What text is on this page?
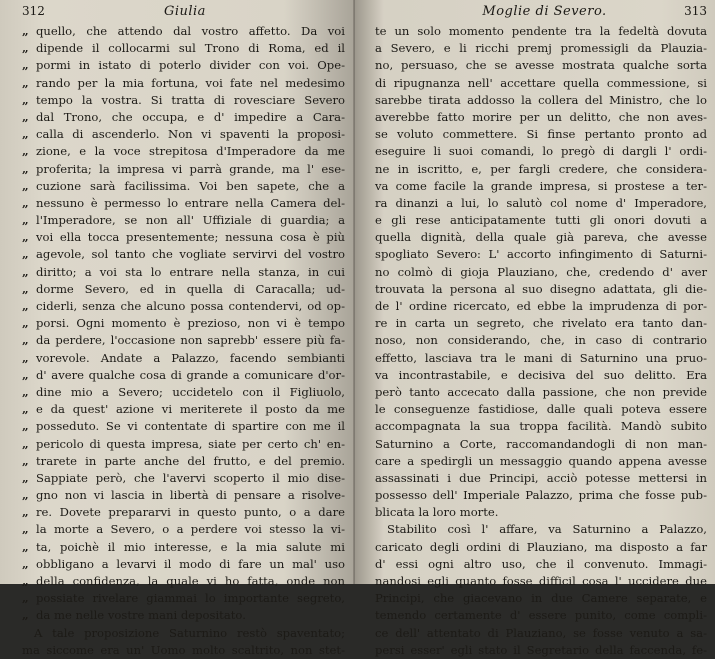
312	Giulia
„ quello, che attendo dal vostro affetto. Da voi
„ dipende il collocarmi sul Trono di Roma, ed il
„ pormi in istato di poterlo divider con voi. Ope-
„ rando per la mia fortuna, voi fate nel medesimo
„ tempo la vostra. Si tratta di rovesciare Severo
„ dal Trono, che occupa, e d' impedire a Cara-
„ calla di ascenderlo. Non vi spaventi la proposi-
„ zione, e la voce strepitosa d'Imperadore da me
„ proferita; la impresa vi parrà grande, ma l' ese-
„ cuzione sarà facilissima. Voi ben sapete, che a
„ nessuno è permesso lo entrare nella Camera del-
„ l'Imperadore, se non all' Uffiziale di guardia; a
„ voi ella tocca presentemente; nessuna cosa è più
„ agevole, sol tanto che vogliate servirvi del vostro
„ diritto; a voi sta lo entrare nella stanza, in cui
„ dorme Severo, ed in quella di Caracalla; ud-
„ ciderli, senza che alcuno possa contendervi, od op-
„ porsi. Ogni momento è prezioso, non vi è tempo
„ da perdere, l'occasione non saprebb' essere più fa-
„ vorevole. Andate a Palazzo, facendo sembianti
„ d' avere qualche cosa di grande a comunicare d'or-
„ dine mio a Severo; uccidetelo con il Figliuolo,
„ e da quest' azione vi meriterete il posto da me
„ posseduto. Se vi contentate di spartire con me il
„ pericolo di questa impresa, siate per certo ch' en-
„ trarete in parte anche del frutto, e del premio.
„ Sappiate però, che l'avervi scoperto il mio dise-
„ gno non vi lascia in libertà di pensare a risolve-
„ re. Dovete prepararvi in questo punto, o a dare
„ la morte a Severo, o a perdere voi stesso la vi-
„ ta, poichè il mio interesse, e la mia salute mi
„ obbligano a levarvi il modo di fare un mal' uso
„ della confidenza, la quale vi ho fatta, onde non
„ possiate rivelare giammai lo importante segreto,
„ da me nelle vostre mani depositato.
A tale proposizione Saturnino restò spaventato;
ma siccome era un' Uomo molto scaltrito, non stet-
Moglie di Severo.	313
te un solo momento pendente tra la fedeltà dovuta
a Severo, e li ricchi premj promessigli da Plauzia-
no, persuaso, che se avesse mostrata qualche sorta
di ripugnanza nell' accettare quella commessione, si
sarebbe tirata addosso la collera del Ministro, che lo
averebbe fatto morire per un delitto, che non aves-
se voluto commettere. Si finse pertanto pronto ad
eseguire li suoi comandi, lo pregò di dargli l' ordi-
ne in iscritto, e, per fargli credere, che considera-
va come facile la grande impresa, si prostese a ter-
ra dinanzi a lui, lo salutò col nome d' Imperadore,
e gli rese anticipatamente tutti gli onori dovuti a
quella dignità, della quale già pareva, che avesse
spogliato Severo: L' accorto infingimento di Saturni-
no colmò di gioja Plauziano, che, credendo d' aver
trouvata la persona al suo disegno adattata, gli die-
de l' ordine ricercato, ed ebbe la imprudenza di por-
re in carta un segreto, che rivelato era tanto dan-
noso, non considerando, che, in caso di contrario
effetto, lasciava tra le mani di Saturnino una pruo-
va incontrastabile, e decisiva del suo delitto. Era
però tanto accecato dalla passione, che non previde
le conseguenze fastidiose, dalle quali poteva essere
accompagnata la sua troppa facilità. Mandò subito
Saturnino a Corte, raccomandandogli di non man-
care a spedirgli un messaggio quando appena avesse
assassinati i due Principi, acciò potesse mettersi in
possesso dell' Imperiale Palazzo, prima che fosse pub-
blicata la loro morte.
Stabilito così l' affare, va Saturnino a Palazzo,
caricato degli ordini di Plauziano, ma disposto a far
d' essi ogni altro uso, che il convenuto. Immagi-
nandosi egli quanto fosse difficil cosa l' uccidere due
Principi, che giacevano in due Camere separate, e
temendo certamente d' essere punito, come compli-
ce dell' attentato di Plauziano, se fosse venuto a sa-
persi esser' egli stato il Segretario della faccenda, fe-
